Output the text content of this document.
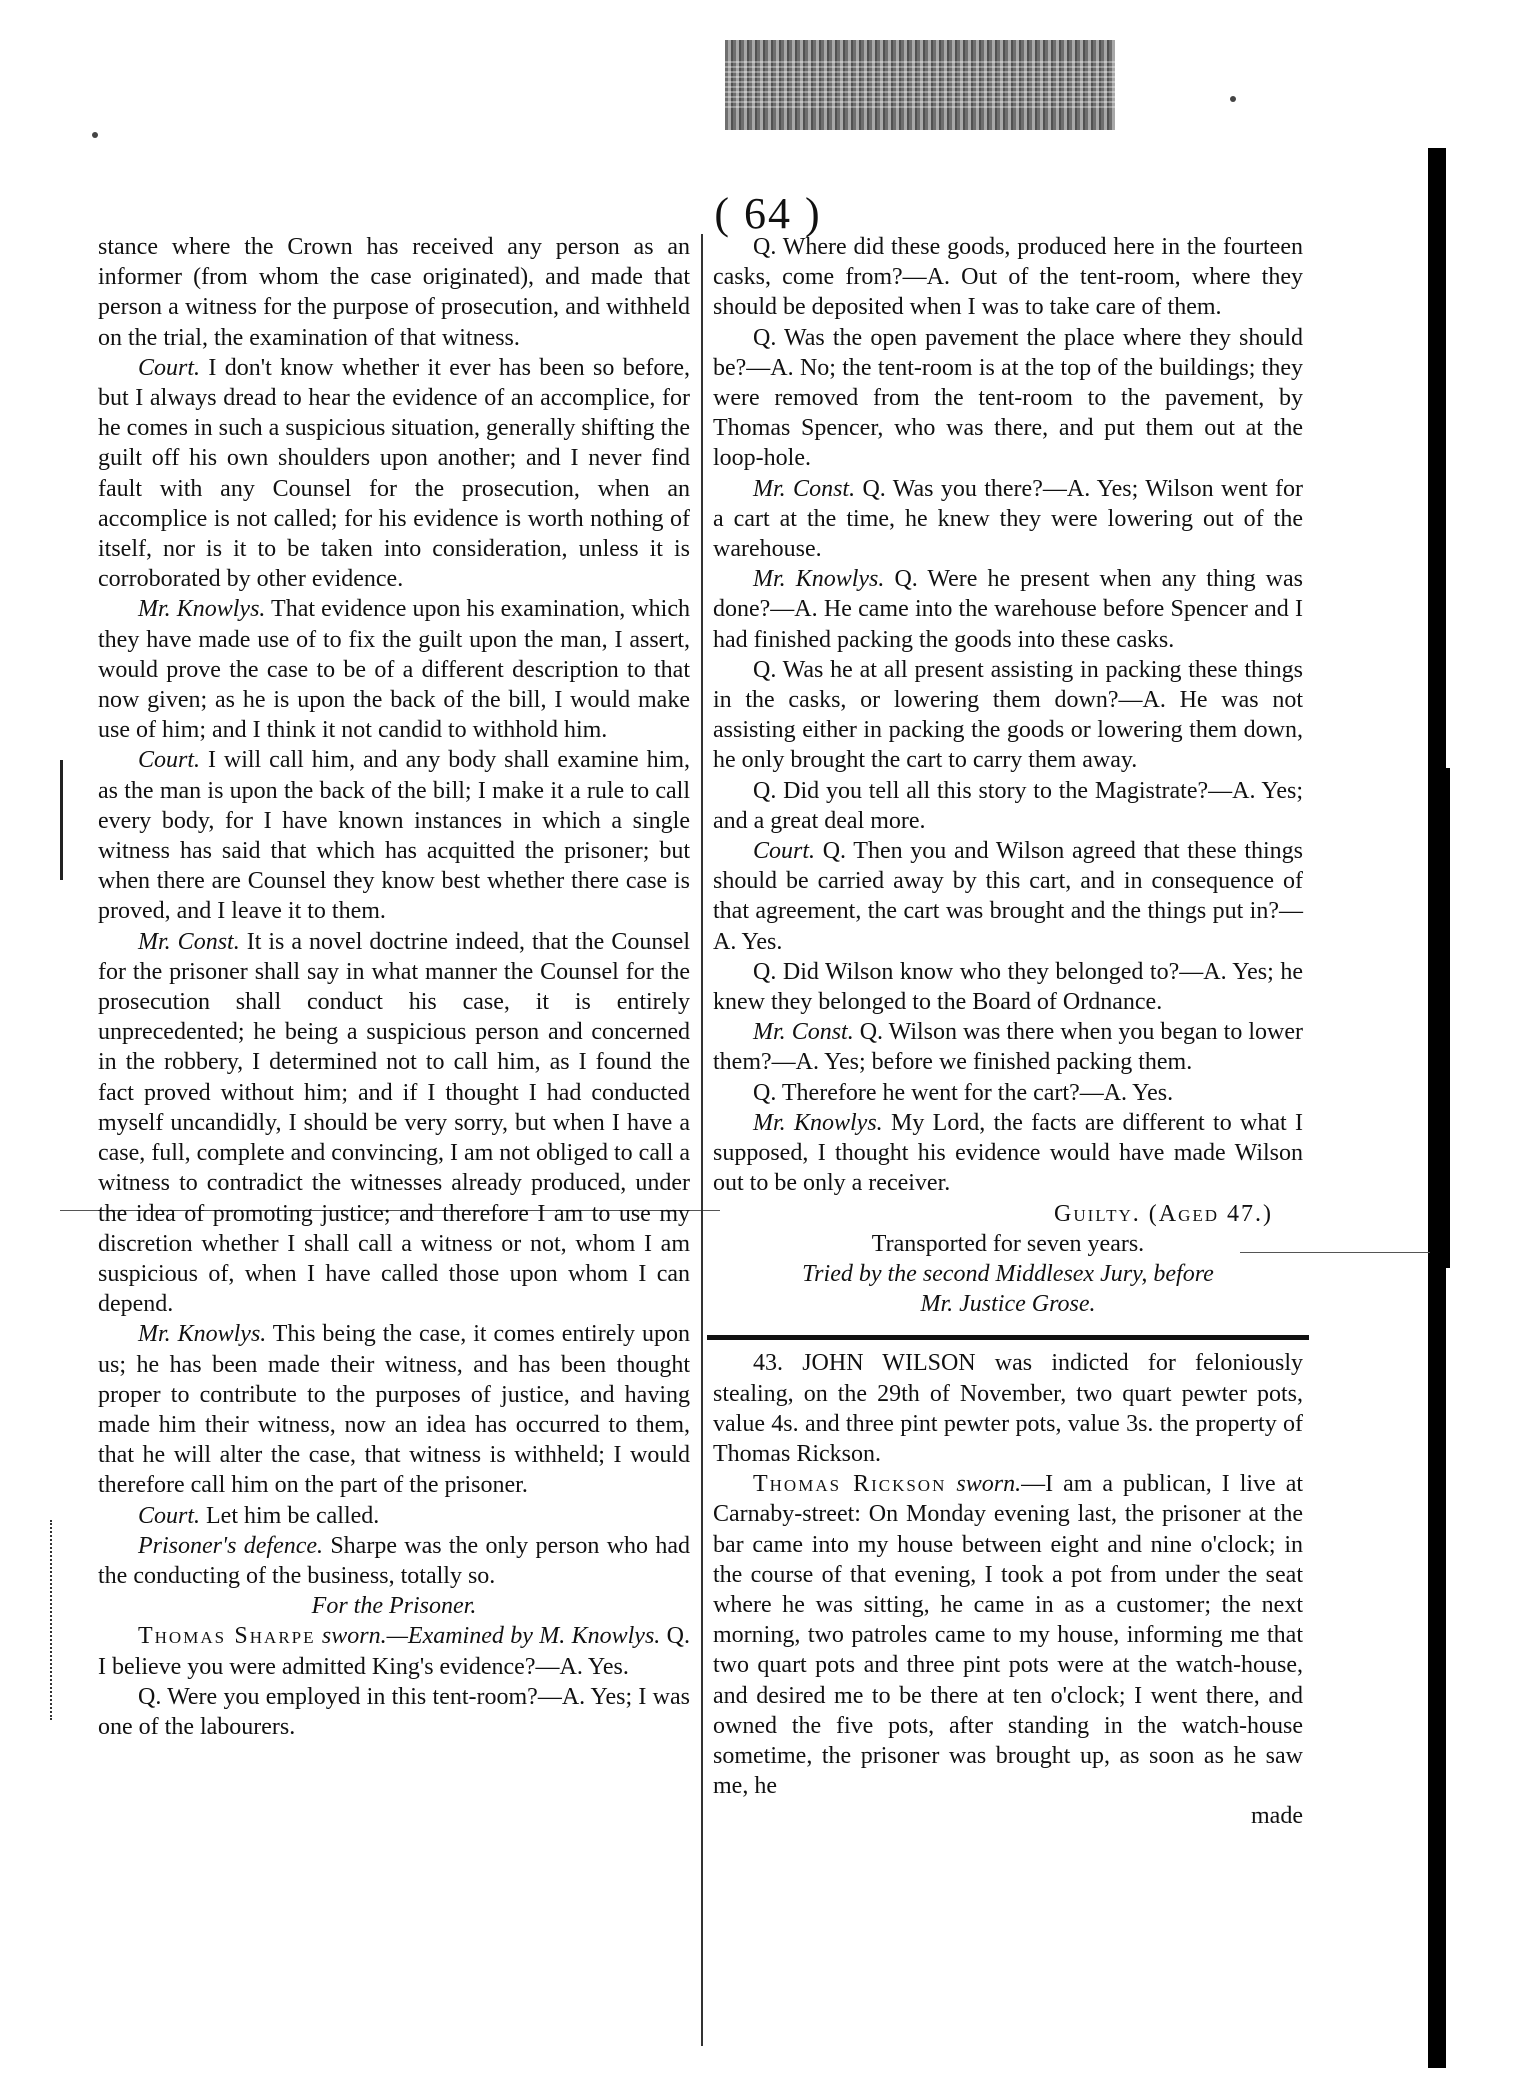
( 64 )

stance where the Crown has received any person as an informer (from whom the case originated), and made that person a witness for the purpose of prosecution, and withheld on the trial, the examination of that witness.

Court. I don't know whether it ever has been so before, but I always dread to hear the evidence of an accomplice, for he comes in such a suspicious situation, generally shifting the guilt off his own shoulders upon another; and I never find fault with any Counsel for the prosecution, when an accomplice is not called; for his evidence is worth nothing of itself, nor is it to be taken into consideration, unless it is corroborated by other evidence.

Mr. Knowlys. That evidence upon his examination, which they have made use of to fix the guilt upon the man, I assert, would prove the case to be of a different description to that now given; as he is upon the back of the bill, I would make use of him; and I think it not candid to withhold him.

Court. I will call him, and any body shall examine him, as the man is upon the back of the bill; I make it a rule to call every body, for I have known instances in which a single witness has said that which has acquitted the prisoner; but when there are Counsel they know best whether there case is proved, and I leave it to them.

Mr. Const. It is a novel doctrine indeed, that the Counsel for the prisoner shall say in what manner the Counsel for the prosecution shall conduct his case, it is entirely unprecedented; he being a suspicious person and concerned in the robbery, I determined not to call him, as I found the fact proved without him; and if I thought I had conducted myself uncandidly, I should be very sorry, but when I have a case, full, complete and convincing, I am not obliged to call a witness to contradict the witnesses already produced, under the idea of promoting justice; and therefore I am to use my discretion whether I shall call a witness or not, whom I am suspicious of, when I have called those upon whom I can depend.

Mr. Knowlys. This being the case, it comes entirely upon us; he has been made their witness, and has been thought proper to contribute to the purposes of justice, and having made him their witness, now an idea has occurred to them, that he will alter the case, that witness is withheld; I would therefore call him on the part of the prisoner.

Court. Let him be called.

Prisoner's defence. Sharpe was the only person who had the conducting of the business, totally so.

For the Prisoner.

Thomas Sharpe sworn.—Examined by M. Knowlys. Q. I believe you were admitted King's evidence?—A. Yes.

Q. Were you employed in this tent-room?—A. Yes; I was one of the labourers.

Q. Where did these goods, produced here in the fourteen casks, come from?—A. Out of the tent-room, where they should be deposited when I was to take care of them.

Q. Was the open pavement the place where they should be?—A. No; the tent-room is at the top of the buildings; they were removed from the tent-room to the pavement, by Thomas Spencer, who was there, and put them out at the loop-hole.

Mr. Const. Q. Was you there?—A. Yes; Wilson went for a cart at the time, he knew they were lowering out of the warehouse.

Mr. Knowlys. Q. Were he present when any thing was done?—A. He came into the warehouse before Spencer and I had finished packing the goods into these casks.

Q. Was he at all present assisting in packing these things in the casks, or lowering them down?—A. He was not assisting either in packing the goods or lowering them down, he only brought the cart to carry them away.

Q. Did you tell all this story to the Magistrate?—A. Yes; and a great deal more.

Court. Q. Then you and Wilson agreed that these things should be carried away by this cart, and in consequence of that agreement, the cart was brought and the things put in?—A. Yes.

Q. Did Wilson know who they belonged to?—A. Yes; he knew they belonged to the Board of Ordnance.

Mr. Const. Q. Wilson was there when you began to lower them?—A. Yes; before we finished packing them.

Q. Therefore he went for the cart?—A. Yes.

Mr. Knowlys. My Lord, the facts are different to what I supposed, I thought his evidence would have made Wilson out to be only a receiver.

Guilty. (Aged 47.)

Transported for seven years.

Tried by the second Middlesex Jury, before

Mr. Justice Grose.

43. JOHN WILSON was indicted for feloniously stealing, on the 29th of November, two quart pewter pots, value 4s. and three pint pewter pots, value 3s. the property of Thomas Rickson.

Thomas Rickson sworn.—I am a publican, I live at Carnaby-street: On Monday evening last, the prisoner at the bar came into my house between eight and nine o'clock; in the course of that evening, I took a pot from under the seat where he was sitting, he came in as a customer; the next morning, two patroles came to my house, informing me that two quart pots and three pint pots were at the watch-house, and desired me to be there at ten o'clock; I went there, and owned the five pots, after standing in the watch-house sometime, the prisoner was brought up, as soon as he saw me, he

made
